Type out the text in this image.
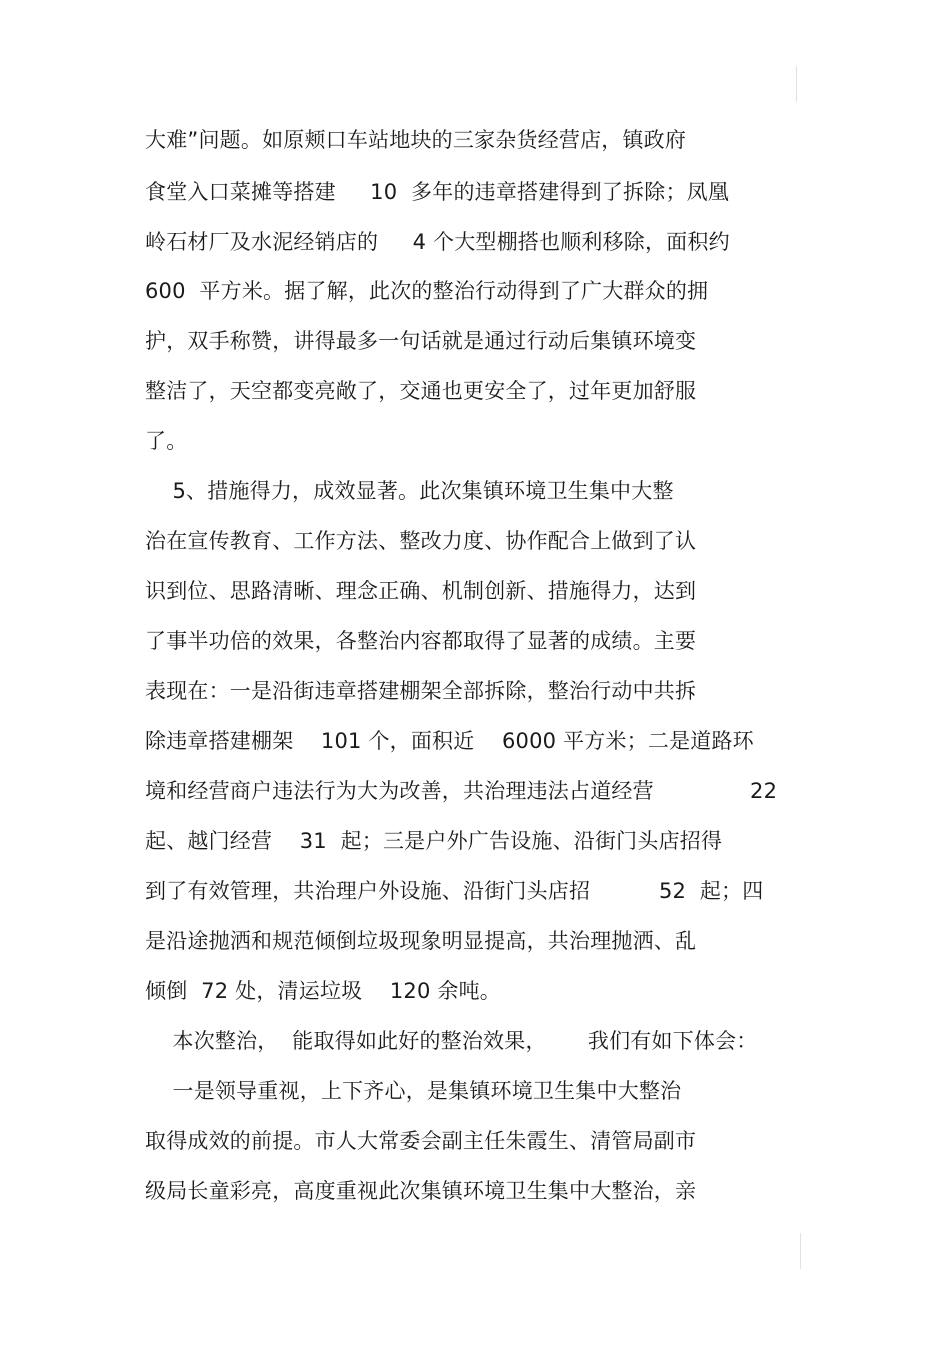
大难”问题。如原颊口车站地块的三家杂货经营店，镇政府
食堂入口菜摊等搭建     10  多年的违章搭建得到了拆除；凤凰
岭石材厂及水泥经销店的     4 个大型棚搭也顺利移除，面积约
600  平方米。据了解，此次的整治行动得到了广大群众的拥
护，双手称赞，讲得最多一句话就是通过行动后集镇环境变
整洁了，天空都变亮敞了，交通也更安全了，过年更加舒服
了。
5、措施得力，成效显著。此次集镇环境卫生集中大整
治在宣传教育、工作方法、整改力度、协作配合上做到了认
识到位、思路清晰、理念正确、机制创新、措施得力，达到
了事半功倍的效果，各整治内容都取得了显著的成绩。主要
表现在：一是沿街违章搭建棚架全部拆除，整治行动中共拆
除违章搭建棚架    101 个，面积近    6000 平方米；二是道路环
境和经营商户违法行为大为改善，共治理违法占道经营              22
起、越门经营    31  起；三是户外广告设施、沿街门头店招得
到了有效管理，共治理户外设施、沿街门头店招          52  起；四
是沿途抛洒和规范倾倒垃圾现象明显提高，共治理抛洒、乱
倾倒  72 处，清运垃圾    120 余吨。
本次整治，  能取得如此好的整治效果，      我们有如下体会：
一是领导重视，上下齐心，是集镇环境卫生集中大整治
取得成效的前提。市人大常委会副主任朱霞生、清管局副市
级局长童彩亮，高度重视此次集镇环境卫生集中大整治，亲
